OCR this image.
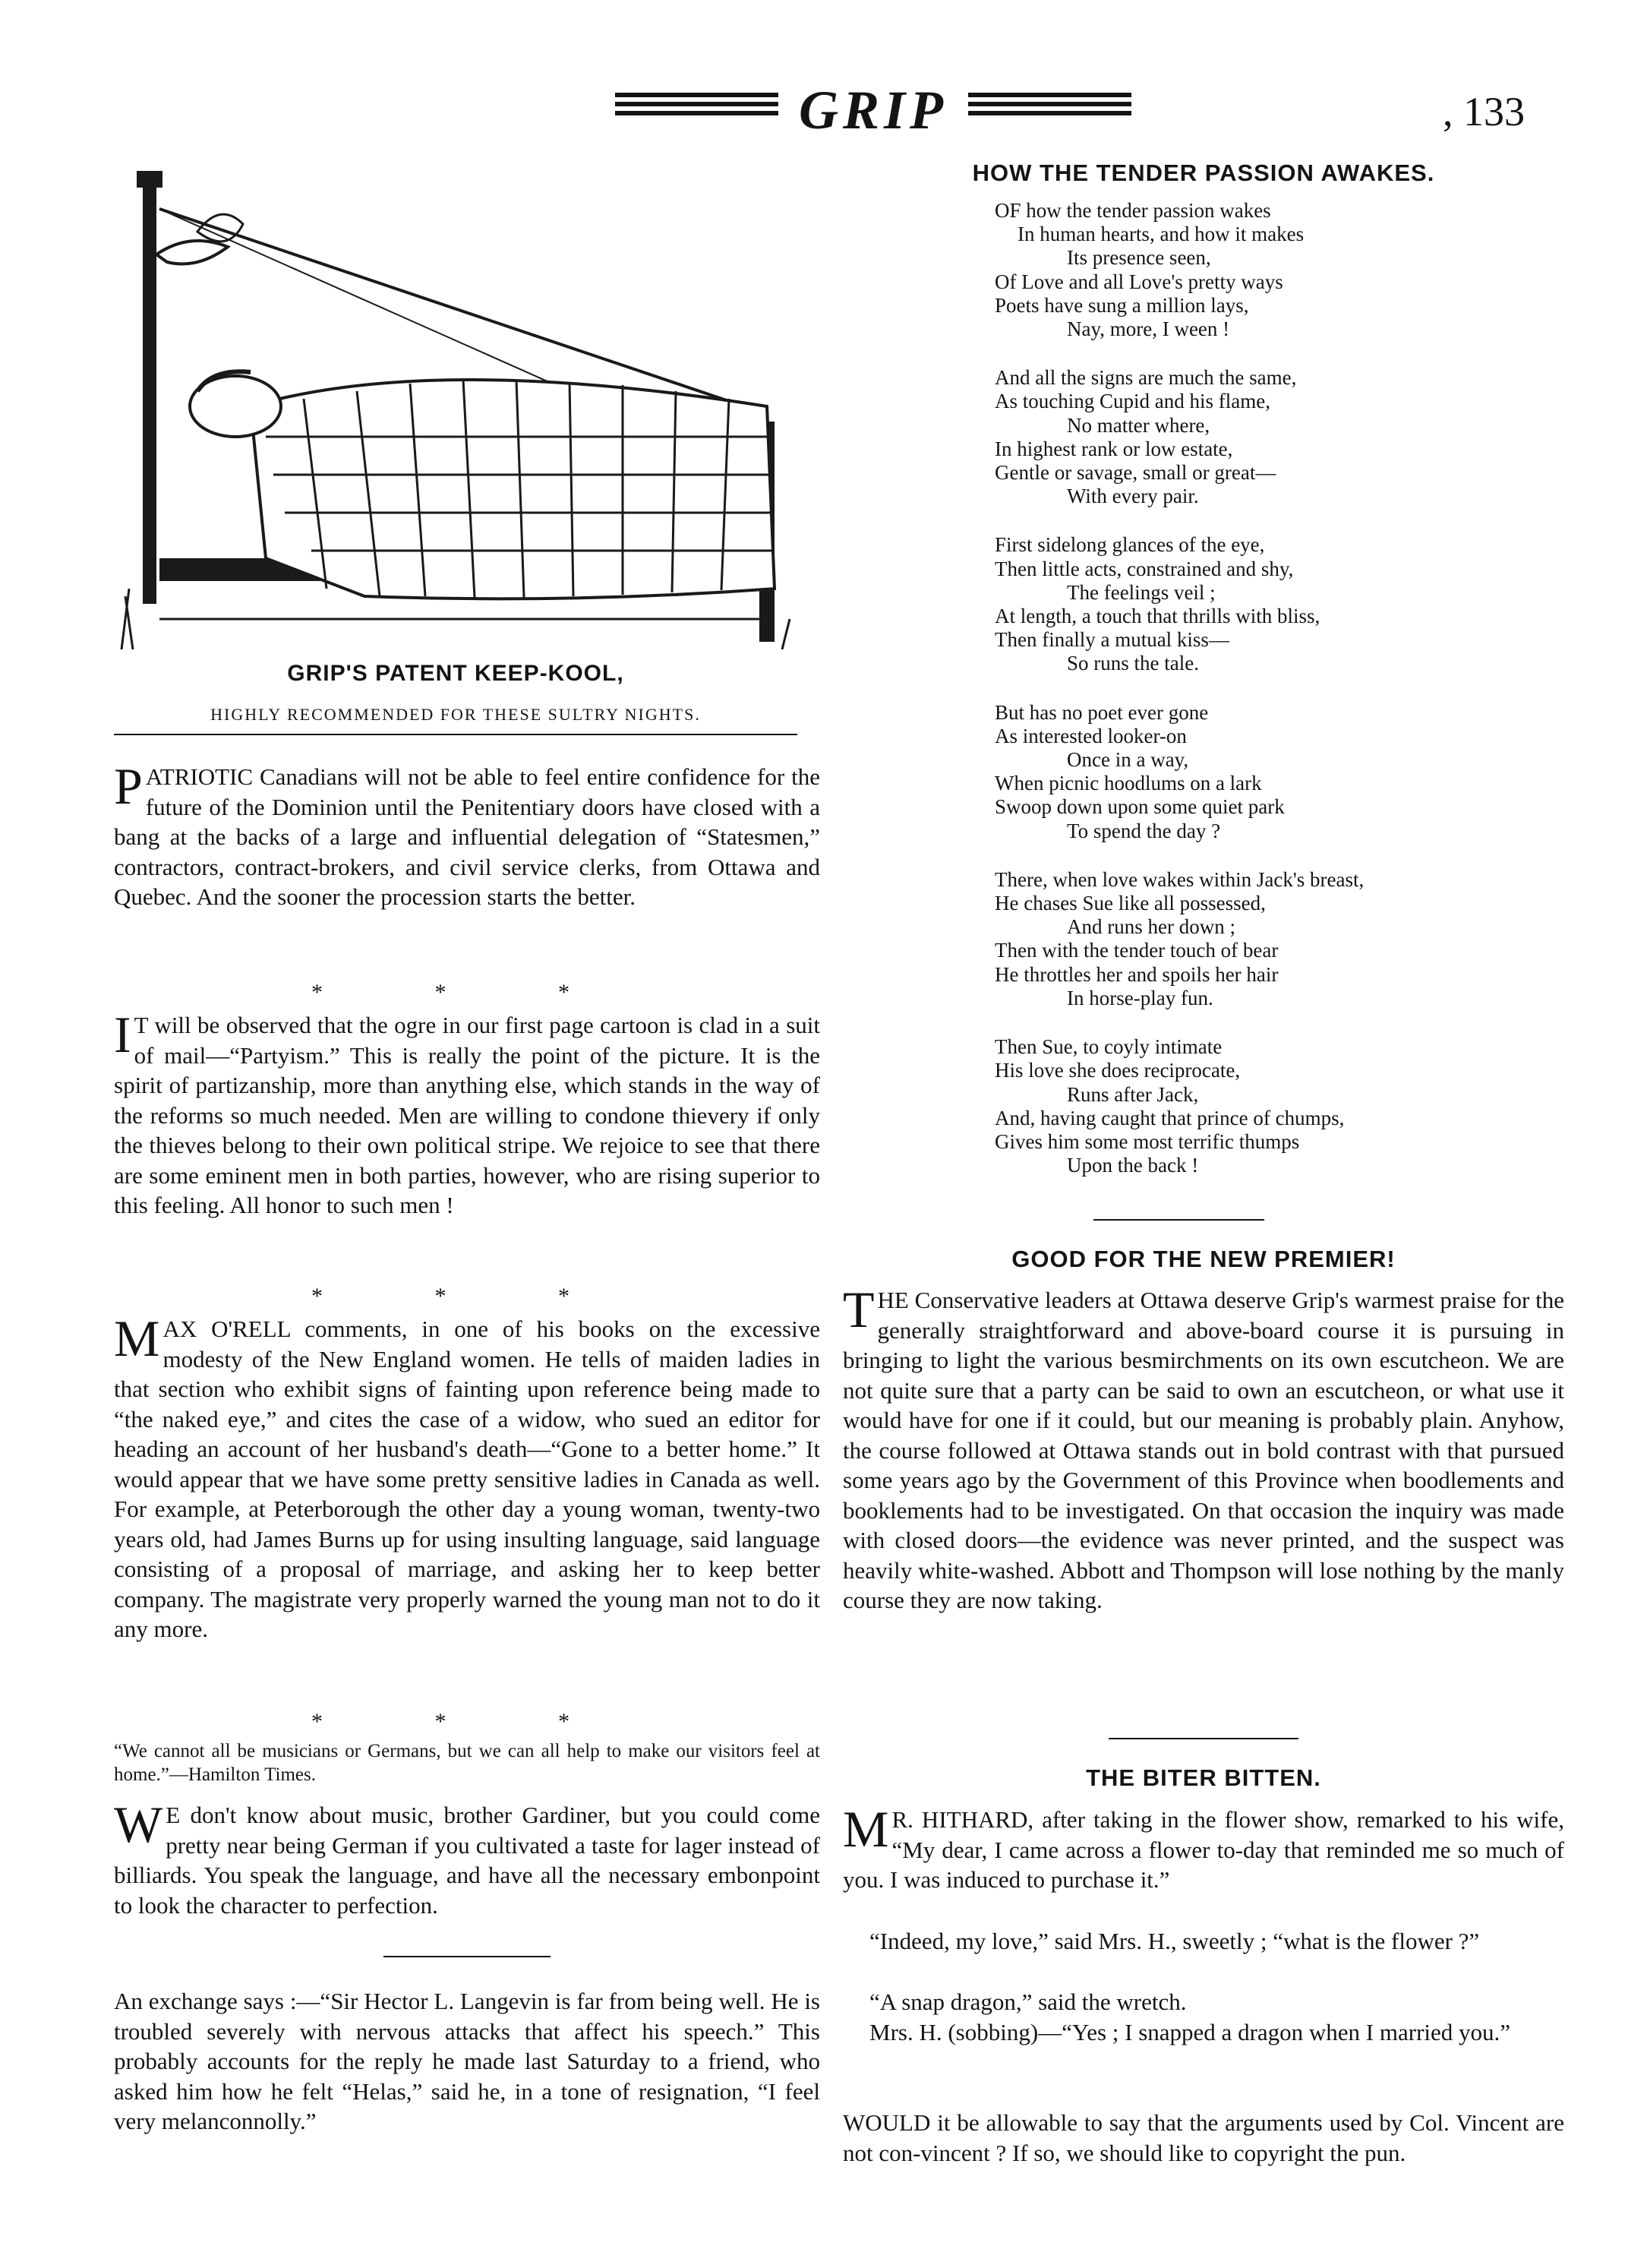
GRIP	, 133
GRIP'S PATENT KEEP-KOOL,
HIGHLY RECOMMENDED FOR THESE SULTRY NIGHTS.
PATRIOTIC Canadians will not be able to feel entire confidence for the future of the Dominion until the Penitentiary doors have closed with a bang at the backs of a large and influential delegation of “Statesmen,” contractors, contract-brokers, and civil service clerks, from Ottawa and Quebec. And the sooner the procession starts the better.
* * *
IT will be observed that the ogre in our first page cartoon is clad in a suit of mail—“Partyism.” This is really the point of the picture. It is the spirit of partizanship, more than anything else, which stands in the way of the reforms so much needed. Men are willing to condone thievery if only the thieves belong to their own political stripe. We rejoice to see that there are some eminent men in both parties, however, who are rising superior to this feeling. All honor to such men !
* * *
MAX O'RELL comments, in one of his books on the excessive modesty of the New England women. He tells of maiden ladies in that section who exhibit signs of fainting upon reference being made to “the naked eye,” and cites the case of a widow, who sued an editor for heading an account of her husband's death—“Gone to a better home.” It would appear that we have some pretty sensitive ladies in Canada as well. For example, at Peterborough the other day a young woman, twenty-two years old, had James Burns up for using insulting language, said language consisting of a proposal of marriage, and asking her to keep better company. The magistrate very properly warned the young man not to do it any more.
* * *
“We cannot all be musicians or Germans, but we can all help to make our visitors feel at home.”—Hamilton Times.
WE don't know about music, brother Gardiner, but you could come pretty near being German if you cultivated a taste for lager instead of billiards. You speak the language, and have all the necessary embonpoint to look the character to perfection.
An exchange says :—“Sir Hector L. Langevin is far from being well. He is troubled severely with nervous attacks that affect his speech.” This probably accounts for the reply he made last Saturday to a friend, who asked him how he felt “Helas,” said he, in a tone of resignation, “I feel very melanconnolly.”
HOW THE TENDER PASSION AWAKES.
OF how the tender passion wakes
In human hearts, and how it makes
Its presence seen,
Of Love and all Love's pretty ways
Poets have sung a million lays,
Nay, more, I ween !
And all the signs are much the same,
As touching Cupid and his flame,
No matter where,
In highest rank or low estate,
Gentle or savage, small or great—
With every pair.
First sidelong glances of the eye,
Then little acts, constrained and shy,
The feelings veil ;
At length, a touch that thrills with bliss,
Then finally a mutual kiss—
So runs the tale.
But has no poet ever gone
As interested looker-on
Once in a way,
When picnic hoodlums on a lark
Swoop down upon some quiet park
To spend the day ?
There, when love wakes within Jack's breast,
He chases Sue like all possessed,
And runs her down ;
Then with the tender touch of bear
He throttles her and spoils her hair
In horse-play fun.
Then Sue, to coyly intimate
His love she does reciprocate,
Runs after Jack,
And, having caught that prince of chumps,
Gives him some most terrific thumps
Upon the back !
GOOD FOR THE NEW PREMIER!
THE Conservative leaders at Ottawa deserve Grip's warmest praise for the generally straightforward and above-board course it is pursuing in bringing to light the various besmirchments on its own escutcheon. We are not quite sure that a party can be said to own an escutcheon, or what use it would have for one if it could, but our meaning is probably plain. Anyhow, the course followed at Ottawa stands out in bold contrast with that pursued some years ago by the Government of this Province when boodlements and booklements had to be investigated. On that occasion the inquiry was made with closed doors—the evidence was never printed, and the suspect was heavily white-washed. Abbott and Thompson will lose nothing by the manly course they are now taking.
THE BITER BITTEN.
MR. HITHARD, after taking in the flower show, remarked to his wife, “My dear, I came across a flower to-day that reminded me so much of you. I was induced to purchase it.”
“Indeed, my love,” said Mrs. H., sweetly ; “what is the flower ?”
“A snap dragon,” said the wretch.
Mrs. H. (sobbing)—“Yes ; I snapped a dragon when I married you.”
WOULD it be allowable to say that the arguments used by Col. Vincent are not con-vincent ? If so, we should like to copyright the pun.
